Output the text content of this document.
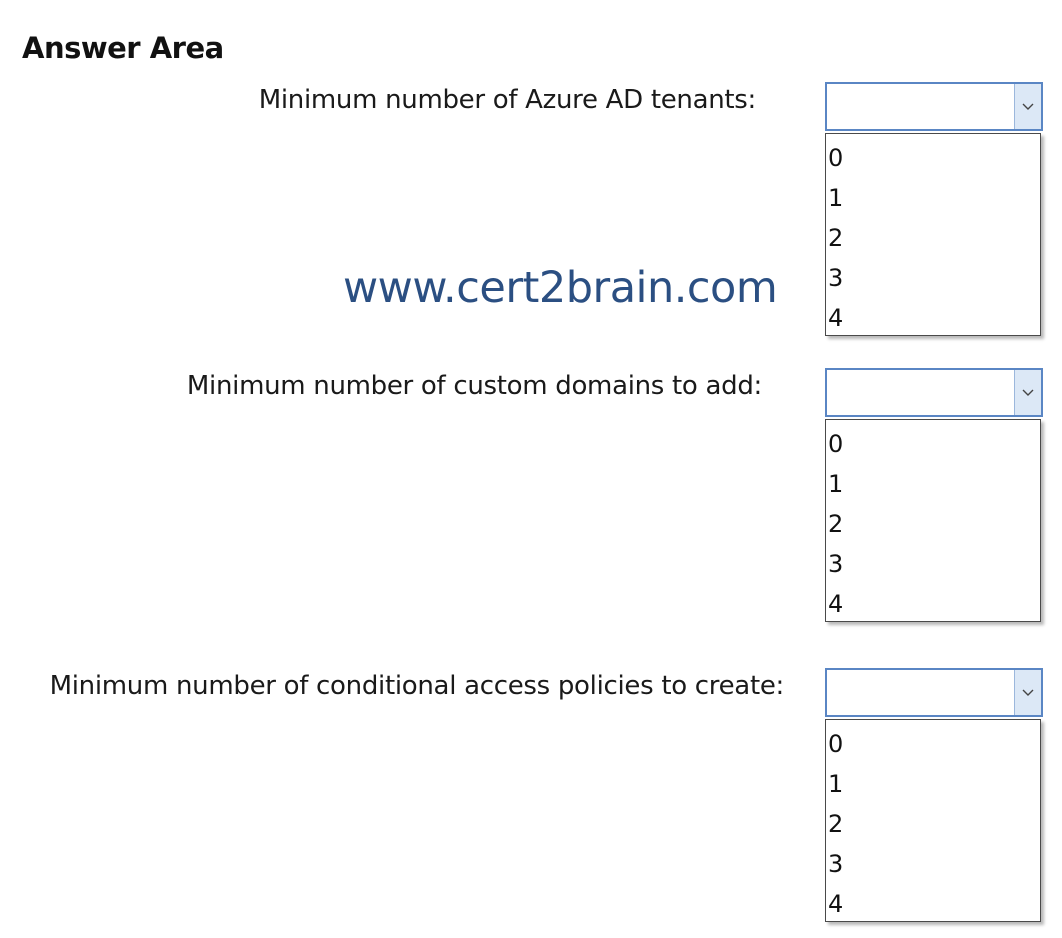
Answer Area
Minimum number of Azure AD tenants:
0
1
2
3
4
www.cert2brain.com
Minimum number of custom domains to add:
0
1
2
3
4
Minimum number of conditional access policies to create:
0
1
2
3
4
